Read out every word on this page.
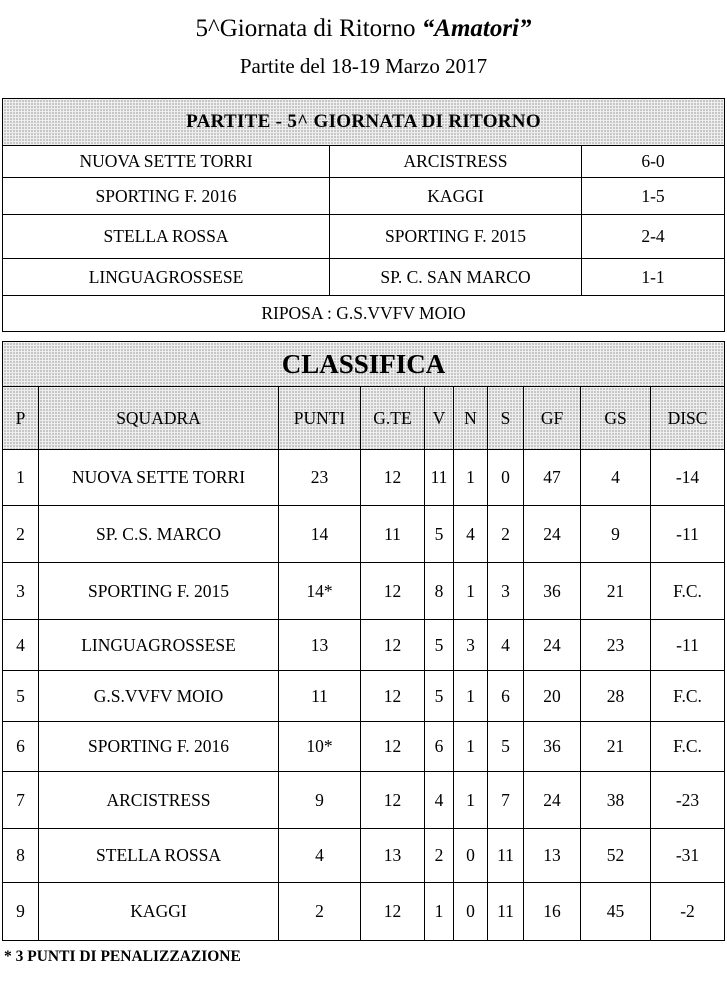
5^Giornata di Ritorno “Amatori”
Partite del 18-19 Marzo 2017
PARTITE - 5^ GIORNATA DI RITORNO		
NUOVA SETTE TORRI	ARCISTRESS	6-0
SPORTING F. 2016	KAGGI	1-5
STELLA ROSSA	SPORTING F. 2015	2-4
LINGUAGROSSESE	SP. C. SAN MARCO	1-1
RIPOSA : G.S.VVFV MOIO		
CLASSIFICA									
P	SQUADRA	PUNTI	G.TE	V	N	S	GF	GS	DISC
1	NUOVA SETTE TORRI	23	12	11	1	0	47	4	-14
2	SP. C.S. MARCO	14	11	5	4	2	24	9	-11
3	SPORTING F. 2015	14*	12	8	1	3	36	21	F.C.
4	LINGUAGROSSESE	13	12	5	3	4	24	23	-11
5	G.S.VVFV MOIO	11	12	5	1	6	20	28	F.C.
6	SPORTING F. 2016	10*	12	6	1	5	36	21	F.C.
7	ARCISTRESS	9	12	4	1	7	24	38	-23
8	STELLA ROSSA	4	13	2	0	11	13	52	-31
9	KAGGI	2	12	1	0	11	16	45	-2
* 3 PUNTI DI PENALIZZAZIONE
